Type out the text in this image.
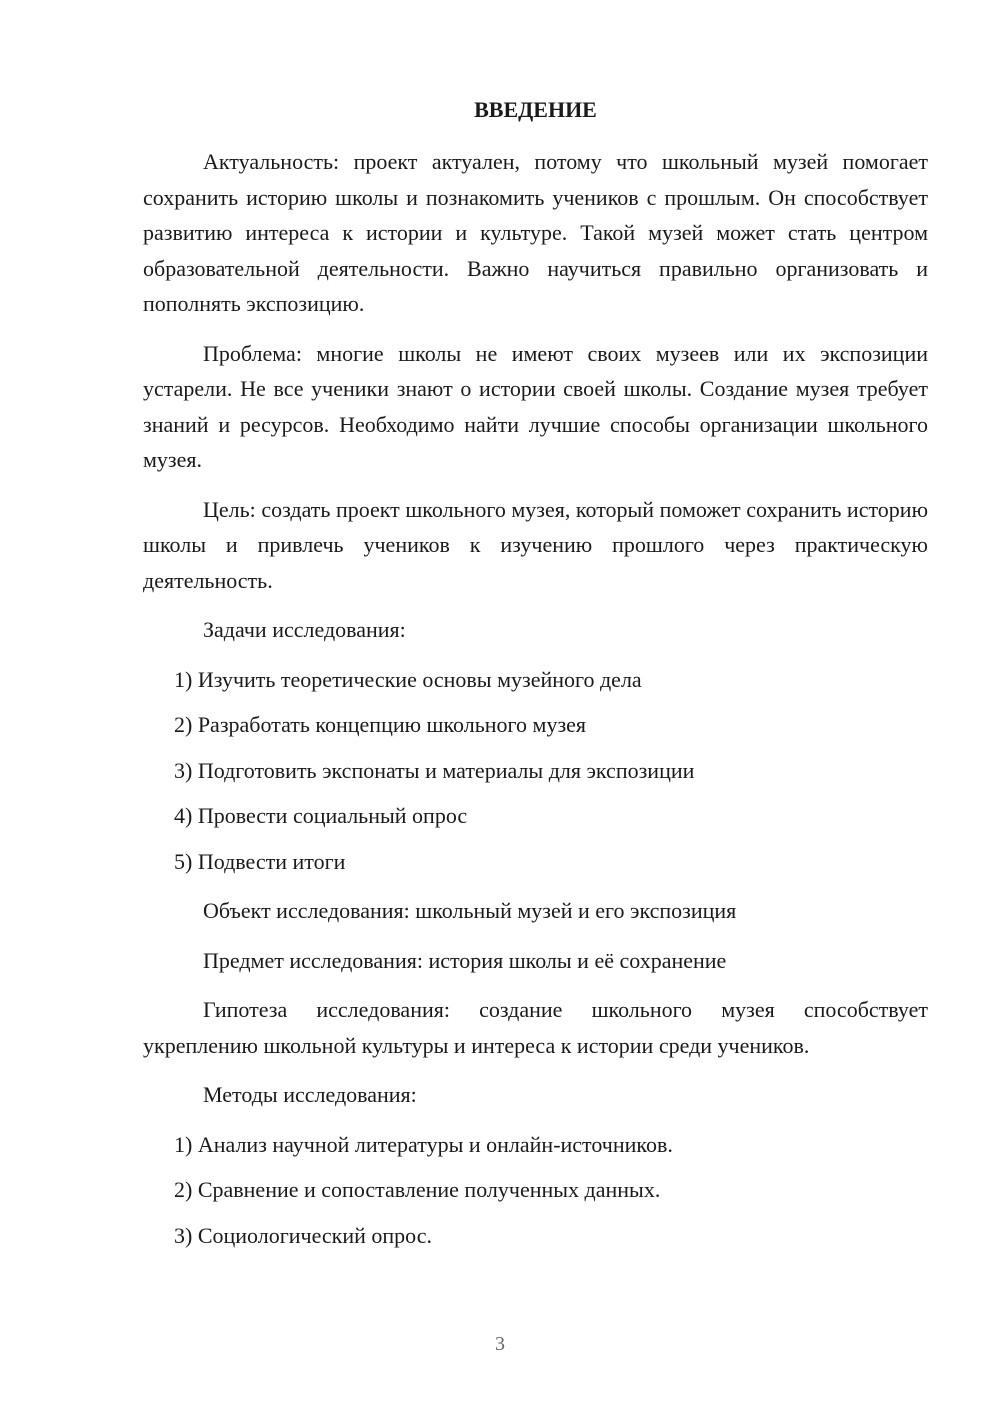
ВВЕДЕНИЕ

Актуальность: проект актуален, потому что школьный музей помогает сохранить историю школы и познакомить учеников с прошлым. Он способствует развитию интереса к истории и культуре. Такой музей может стать центром образовательной деятельности. Важно научиться правильно организовать и пополнять экспозицию.

Проблема: многие школы не имеют своих музеев или их экспозиции устарели. Не все ученики знают о истории своей школы. Создание музея требует знаний и ресурсов. Необходимо найти лучшие способы организации школьного музея.

Цель: создать проект школьного музея, который поможет сохранить историю школы и привлечь учеников к изучению прошлого через практическую деятельность.

Задачи исследования:

1) Изучить теоретические основы музейного дела
2) Разработать концепцию школьного музея
3) Подготовить экспонаты и материалы для экспозиции
4) Провести социальный опрос
5) Подвести итоги

Объект исследования: школьный музей и его экспозиция

Предмет исследования: история школы и её сохранение

Гипотеза исследования: создание школьного музея способствует укреплению школьной культуры и интереса к истории среди учеников.

Методы исследования:

1) Анализ научной литературы и онлайн-источников.
2) Сравнение и сопоставление полученных данных.
3) Социологический опрос.
3
